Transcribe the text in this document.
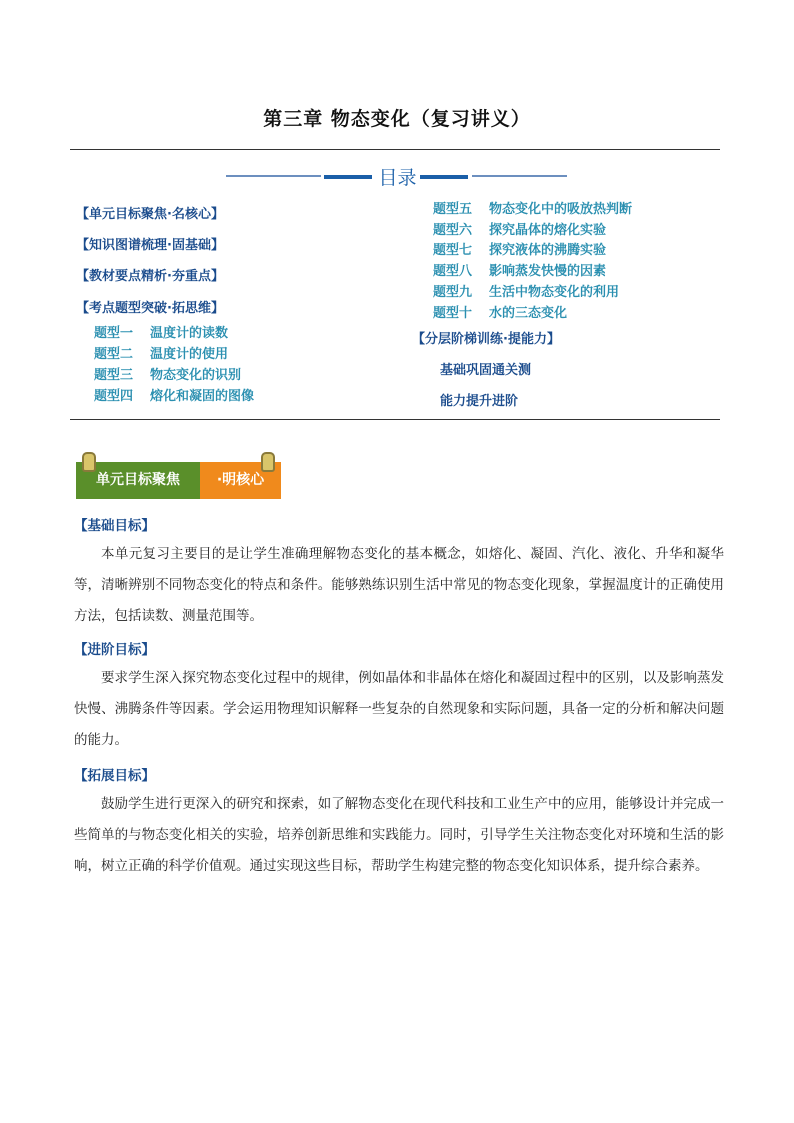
第三章 物态变化（复习讲义）
目录
【单元目标聚焦·名核心】
【知识图谱梳理·固基础】
【教材要点精析·夯重点】
【考点题型突破·拓思维】
题型一 温度计的读数
题型二 温度计的使用
题型三 物态变化的识别
题型四 熔化和凝固的图像
题型五 物态变化中的吸放热判断
题型六 探究晶体的熔化实验
题型七 探究液体的沸腾实验
题型八 影响蒸发快慢的因素
题型九 生活中物态变化的利用
题型十 水的三态变化
【分层阶梯训练·提能力】
基础巩固通关测
能力提升进阶
单元目标聚焦	·明核心
【基础目标】

本单元复习主要目的是让学生准确理解物态变化的基本概念，如熔化、凝固、汽化、液化、升华和凝华等，清晰辨别不同物态变化的特点和条件。能够熟练识别生活中常见的物态变化现象，掌握温度计的正确使用方法，包括读数、测量范围等。

【进阶目标】

要求学生深入探究物态变化过程中的规律，例如晶体和非晶体在熔化和凝固过程中的区别，以及影响蒸发快慢、沸腾条件等因素。学会运用物理知识解释一些复杂的自然现象和实际问题，具备一定的分析和解决问题的能力。

【拓展目标】

鼓励学生进行更深入的研究和探索，如了解物态变化在现代科技和工业生产中的应用，能够设计并完成一些简单的与物态变化相关的实验，培养创新思维和实践能力。同时，引导学生关注物态变化对环境和生活的影响，树立正确的科学价值观。通过实现这些目标，帮助学生构建完整的物态变化知识体系，提升综合素养。
